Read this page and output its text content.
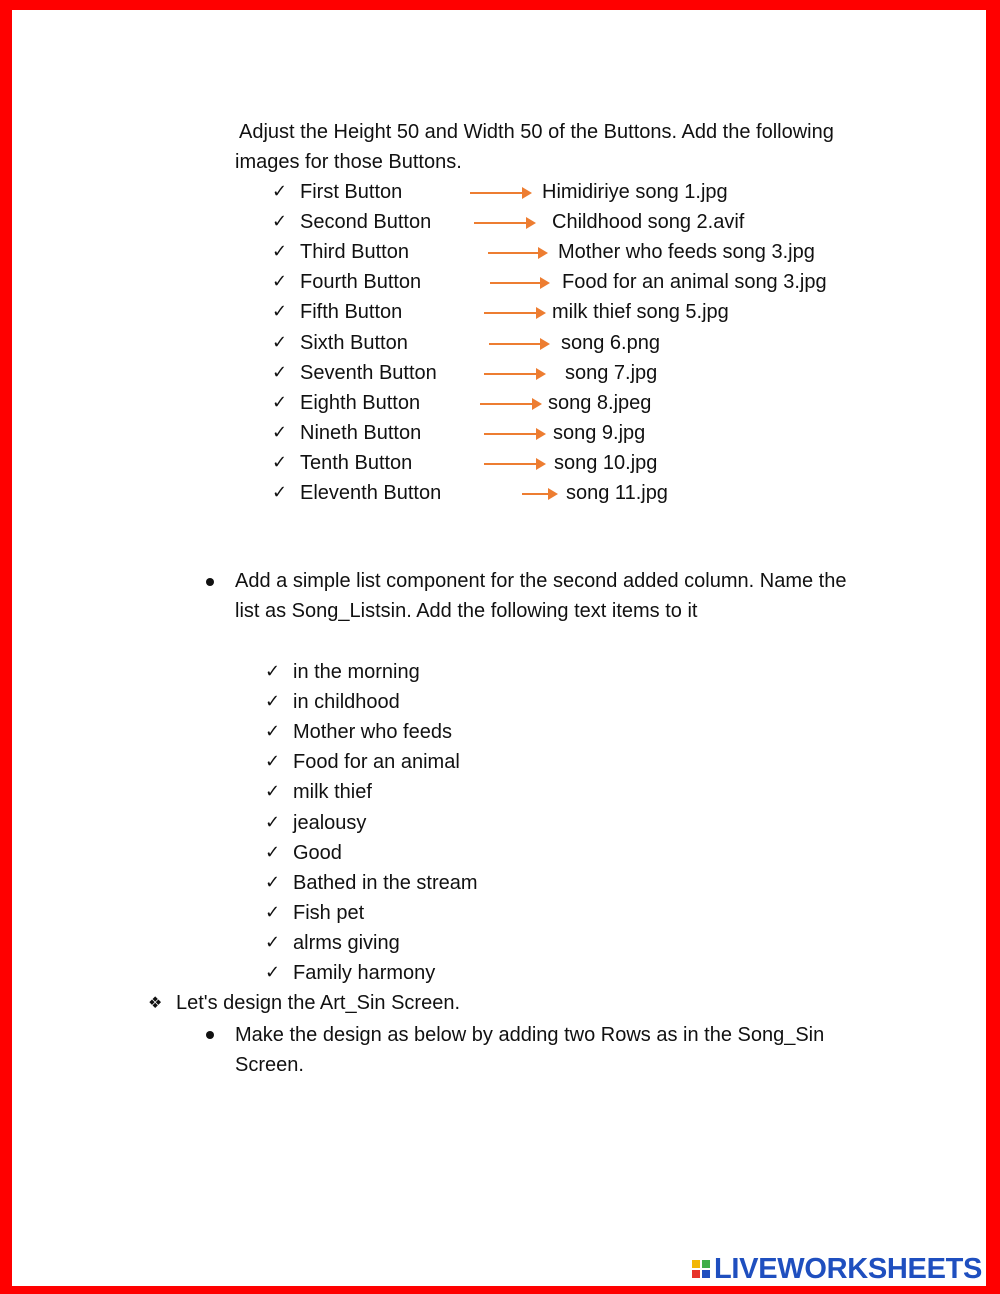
Adjust the Height 50 and Width 50 of the Buttons. Add the following
images for those Buttons.
✓ First Button	Himidiriye song 1.jpg
✓ Second Button	Childhood song 2.avif
✓ Third Button	Mother who feeds song 3.jpg
✓ Fourth Button	Food for an animal song 3.jpg
✓ Fifth Button	milk thief song 5.jpg
✓ Sixth Button	song 6.png
✓ Seventh Button	song 7.jpg
✓ Eighth Button	song 8.jpeg
✓ Nineth Button	song 9.jpg
✓ Tenth Button	song 10.jpg
✓ Eleventh Button	song 11.jpg
Add a simple list component for the second added column. Name the
list as Song_Listsin. Add the following text items to it
✓ in the morning
✓ in childhood
✓ Mother who feeds
✓ Food for an animal
✓ milk thief
✓ jealousy
✓ Good
✓ Bathed in the stream
✓ Fish pet
✓ alrms giving
✓ Family harmony
❖ Let's design the Art_Sin Screen.
Make the design as below by adding two Rows as in the Song_Sin
Screen.
LIVEWORKSHEETS
